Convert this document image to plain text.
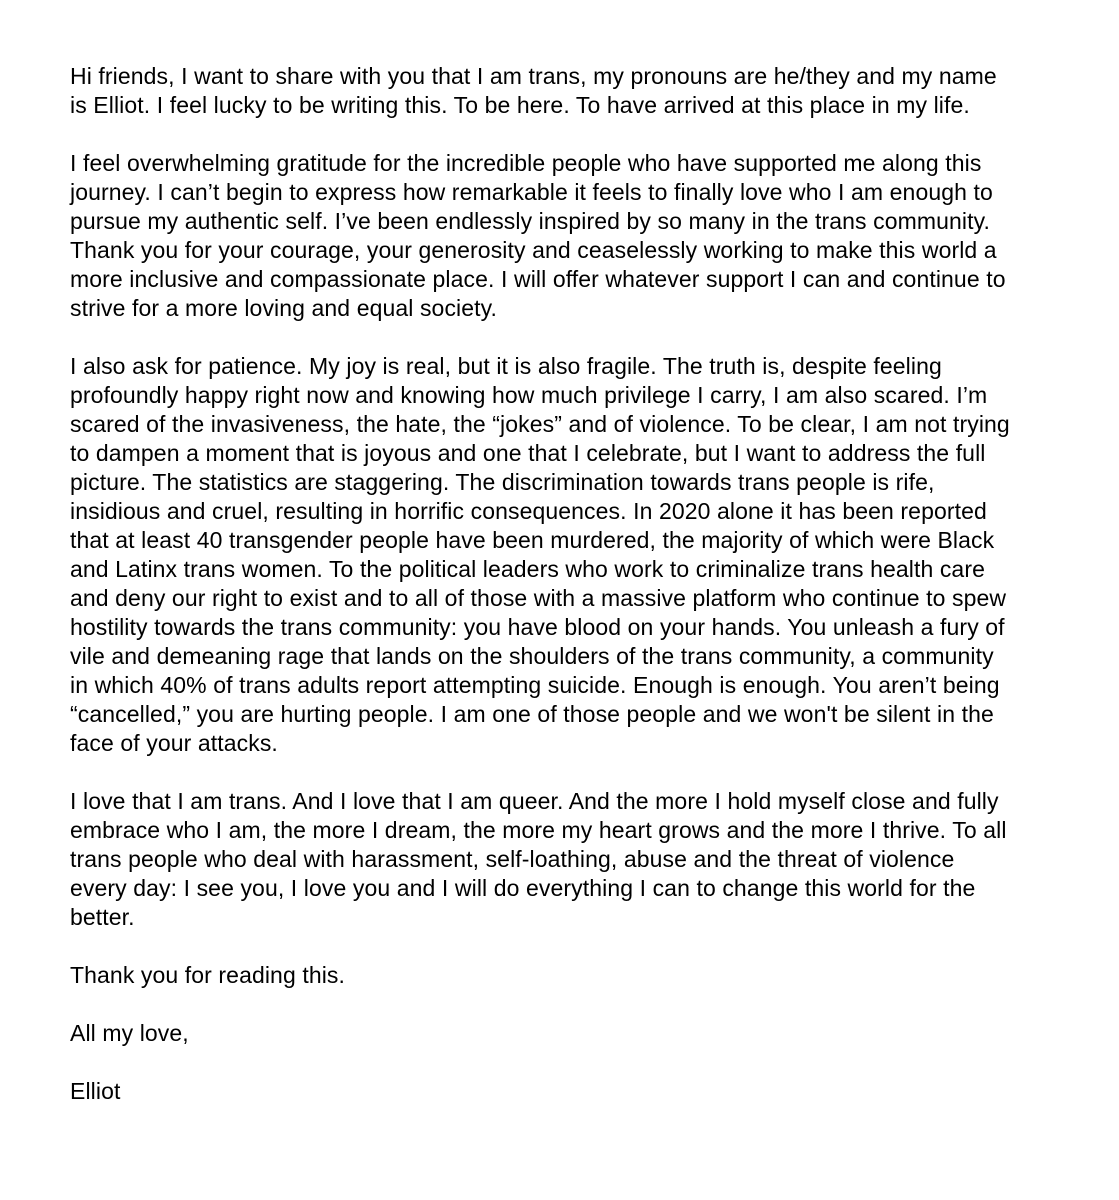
Hi friends, I want to share with you that I am trans, my pronouns are he/they and my name is Elliot. I feel lucky to be writing this. To be here. To have arrived at this place in my life.

I feel overwhelming gratitude for the incredible people who have supported me along this journey. I can’t begin to express how remarkable it feels to finally love who I am enough to pursue my authentic self. I’ve been endlessly inspired by so many in the trans community. Thank you for your courage, your generosity and ceaselessly working to make this world a more inclusive and compassionate place. I will offer whatever support I can and continue to strive for a more loving and equal society.

I also ask for patience. My joy is real, but it is also fragile. The truth is, despite feeling profoundly happy right now and knowing how much privilege I carry, I am also scared. I’m scared of the invasiveness, the hate, the “jokes” and of violence. To be clear, I am not trying to dampen a moment that is joyous and one that I celebrate, but I want to address the full picture. The statistics are staggering. The discrimination towards trans people is rife, insidious and cruel, resulting in horrific consequences. In 2020 alone it has been reported that at least 40 transgender people have been murdered, the majority of which were Black and Latinx trans women. To the political leaders who work to criminalize trans health care and deny our right to exist and to all of those with a massive platform who continue to spew hostility towards the trans community: you have blood on your hands. You unleash a fury of vile and demeaning rage that lands on the shoulders of the trans community, a community in which 40% of trans adults report attempting suicide. Enough is enough. You aren’t being “cancelled,” you are hurting people. I am one of those people and we won't be silent in the face of your attacks.

I love that I am trans. And I love that I am queer. And the more I hold myself close and fully embrace who I am, the more I dream, the more my heart grows and the more I thrive. To all trans people who deal with harassment, self-loathing, abuse and the threat of violence every day: I see you, I love you and I will do everything I can to change this world for the better.

Thank you for reading this.

All my love,

Elliot
